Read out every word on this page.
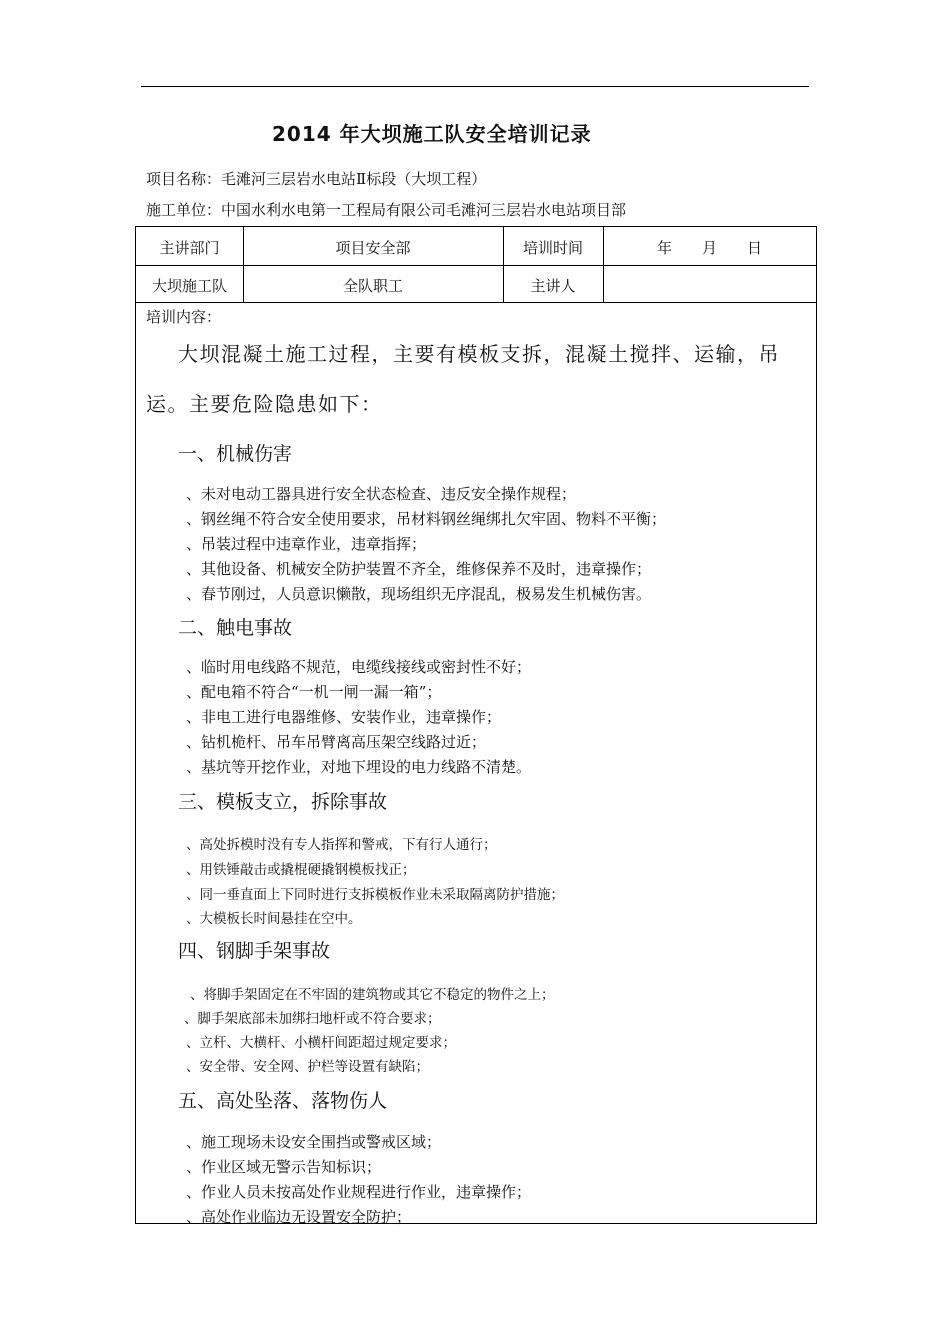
2014 年大坝施工队安全培训记录
项目名称：毛滩河三层岩水电站Ⅱ标段（大坝工程）
施工单位：中国水利水电第一工程局有限公司毛滩河三层岩水电站项目部
主讲部门	项目安全部	培训时间	年　　月　　日
大坝施工队	全队职工	主讲人
培训内容：
大坝混凝土施工过程，主要有模板支拆，混凝土搅拌、运输，吊
运。主要危险隐患如下：
一、机械伤害
、未对电动工器具进行安全状态检查、违反安全操作规程；
、钢丝绳不符合安全使用要求，吊材料钢丝绳绑扎欠牢固、物料不平衡；
、吊装过程中违章作业，违章指挥；
、其他设备、机械安全防护装置不齐全，维修保养不及时，违章操作；
、春节刚过，人员意识懒散，现场组织无序混乱，极易发生机械伤害。
二、触电事故
、临时用电线路不规范，电缆线接线或密封性不好；
、配电箱不符合“一机一闸一漏一箱”；
、非电工进行电器维修、安装作业，违章操作；
、钻机桅杆、吊车吊臂离高压架空线路过近；
、基坑等开挖作业，对地下埋设的电力线路不清楚。
三、模板支立，拆除事故
、高处拆模时没有专人指挥和警戒，下有行人通行；
、用铁锤敲击或撬棍硬撬钢模板找正；
、同一垂直面上下同时进行支拆模板作业未采取隔离防护措施；
、大模板长时间悬挂在空中。
四、钢脚手架事故
、将脚手架固定在不牢固的建筑物或其它不稳定的物件之上；
、脚手架底部未加绑扫地杆或不符合要求；
、立杆、大横杆、小横杆间距超过规定要求；
、安全带、安全网、护栏等设置有缺陷；
五、高处坠落、落物伤人
、施工现场未设安全围挡或警戒区域；
、作业区域无警示告知标识；
、作业人员未按高处作业规程进行作业，违章操作；
、高处作业临边无设置安全防护；
